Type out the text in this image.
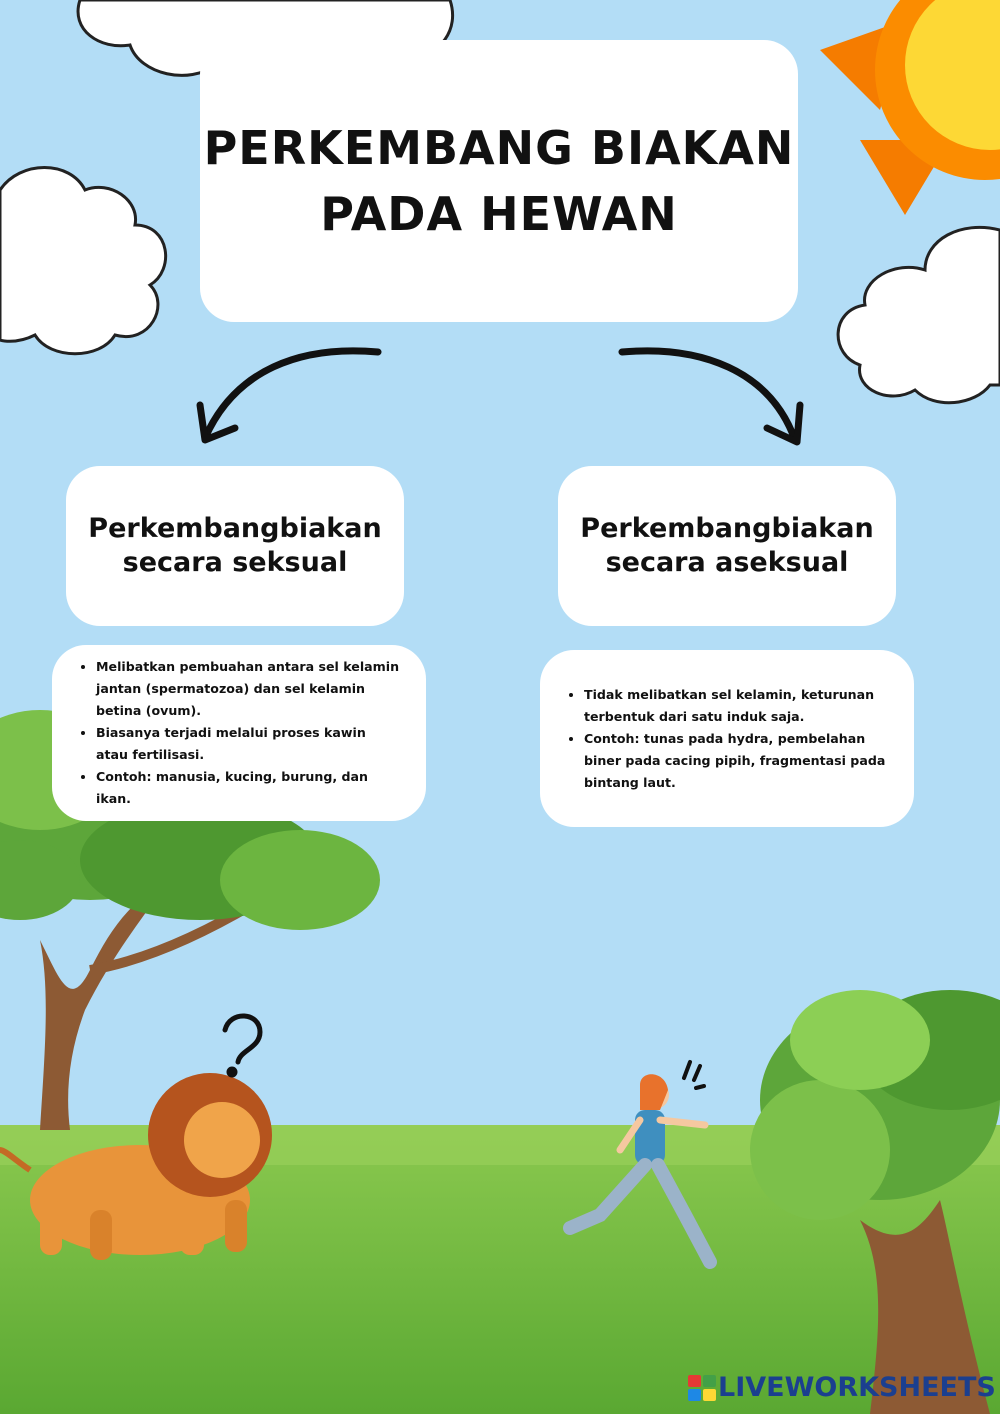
PERKEMBANG BIAKAN
PADA HEWAN
Perkembangbiakan
secara seksual
Perkembangbiakan
secara aseksual
• Melibatkan pembuahan antara sel kelamin jantan (spermatozoa) dan sel kelamin betina (ovum).
• Biasanya terjadi melalui proses kawin atau fertilisasi.
• Contoh: manusia, kucing, burung, dan ikan.
• Tidak melibatkan sel kelamin, keturunan terbentuk dari satu induk saja.
• Contoh: tunas pada hydra, pembelahan biner pada cacing pipih, fragmentasi pada bintang laut.
LIVEWORKSHEETS
